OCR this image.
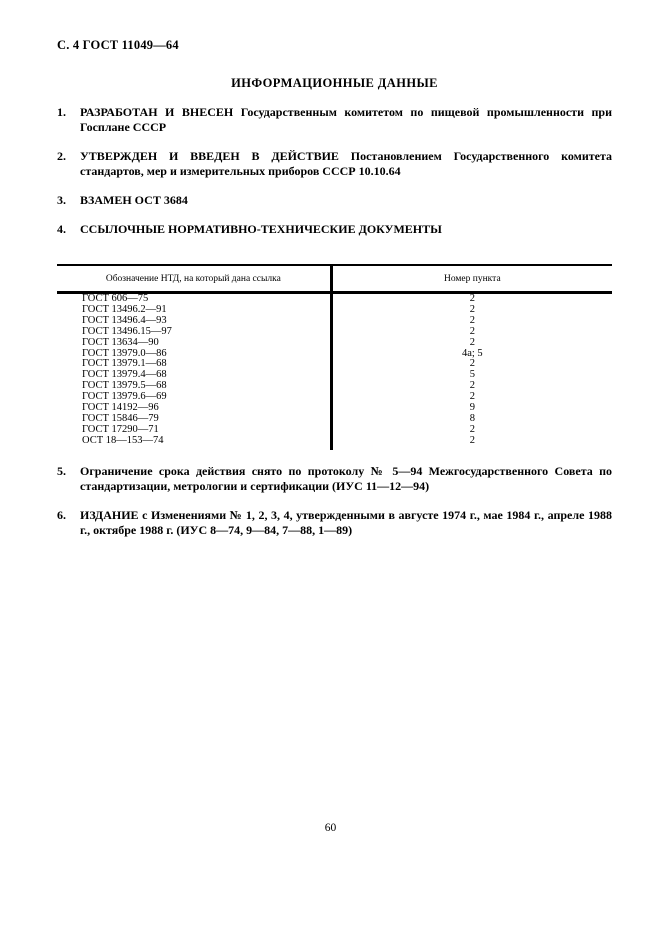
С. 4 ГОСТ 11049—64
ИНФОРМАЦИОННЫЕ ДАННЫЕ
1.	РАЗРАБОТАН И ВНЕСЕН Государственным комитетом по пищевой промышленности при Госплане СССР
2.	УТВЕРЖДЕН И ВВЕДЕН В ДЕЙСТВИЕ Постановлением Государственного комитета стандартов, мер и измерительных приборов СССР 10.10.64
3.	ВЗАМЕН ОСТ 3684
4.	ССЫЛОЧНЫЕ НОРМАТИВНО-ТЕХНИЧЕСКИЕ ДОКУМЕНТЫ
Обозначение НТД, на который дана ссылка	Номер пункта
ГОСТ 606—75	2
ГОСТ 13496.2—91	2
ГОСТ 13496.4—93	2
ГОСТ 13496.15—97	2
ГОСТ 13634—90	2
ГОСТ 13979.0—86	4а; 5
ГОСТ 13979.1—68	2
ГОСТ 13979.4—68	5
ГОСТ 13979.5—68	2
ГОСТ 13979.6—69	2
ГОСТ 14192—96	9
ГОСТ 15846—79	8
ГОСТ 17290—71	2
ОСТ 18—153—74	2
5.	Ограничение срока действия снято по протоколу № 5—94 Межгосударственного Совета по стандартизации, метрологии и сертификации (ИУС 11—12—94)
6.	ИЗДАНИЕ с Изменениями № 1, 2, 3, 4, утвержденными в августе 1974 г., мае 1984 г., апреле 1988 г., октябре 1988 г. (ИУС 8—74, 9—84, 7—88, 1—89)
60
